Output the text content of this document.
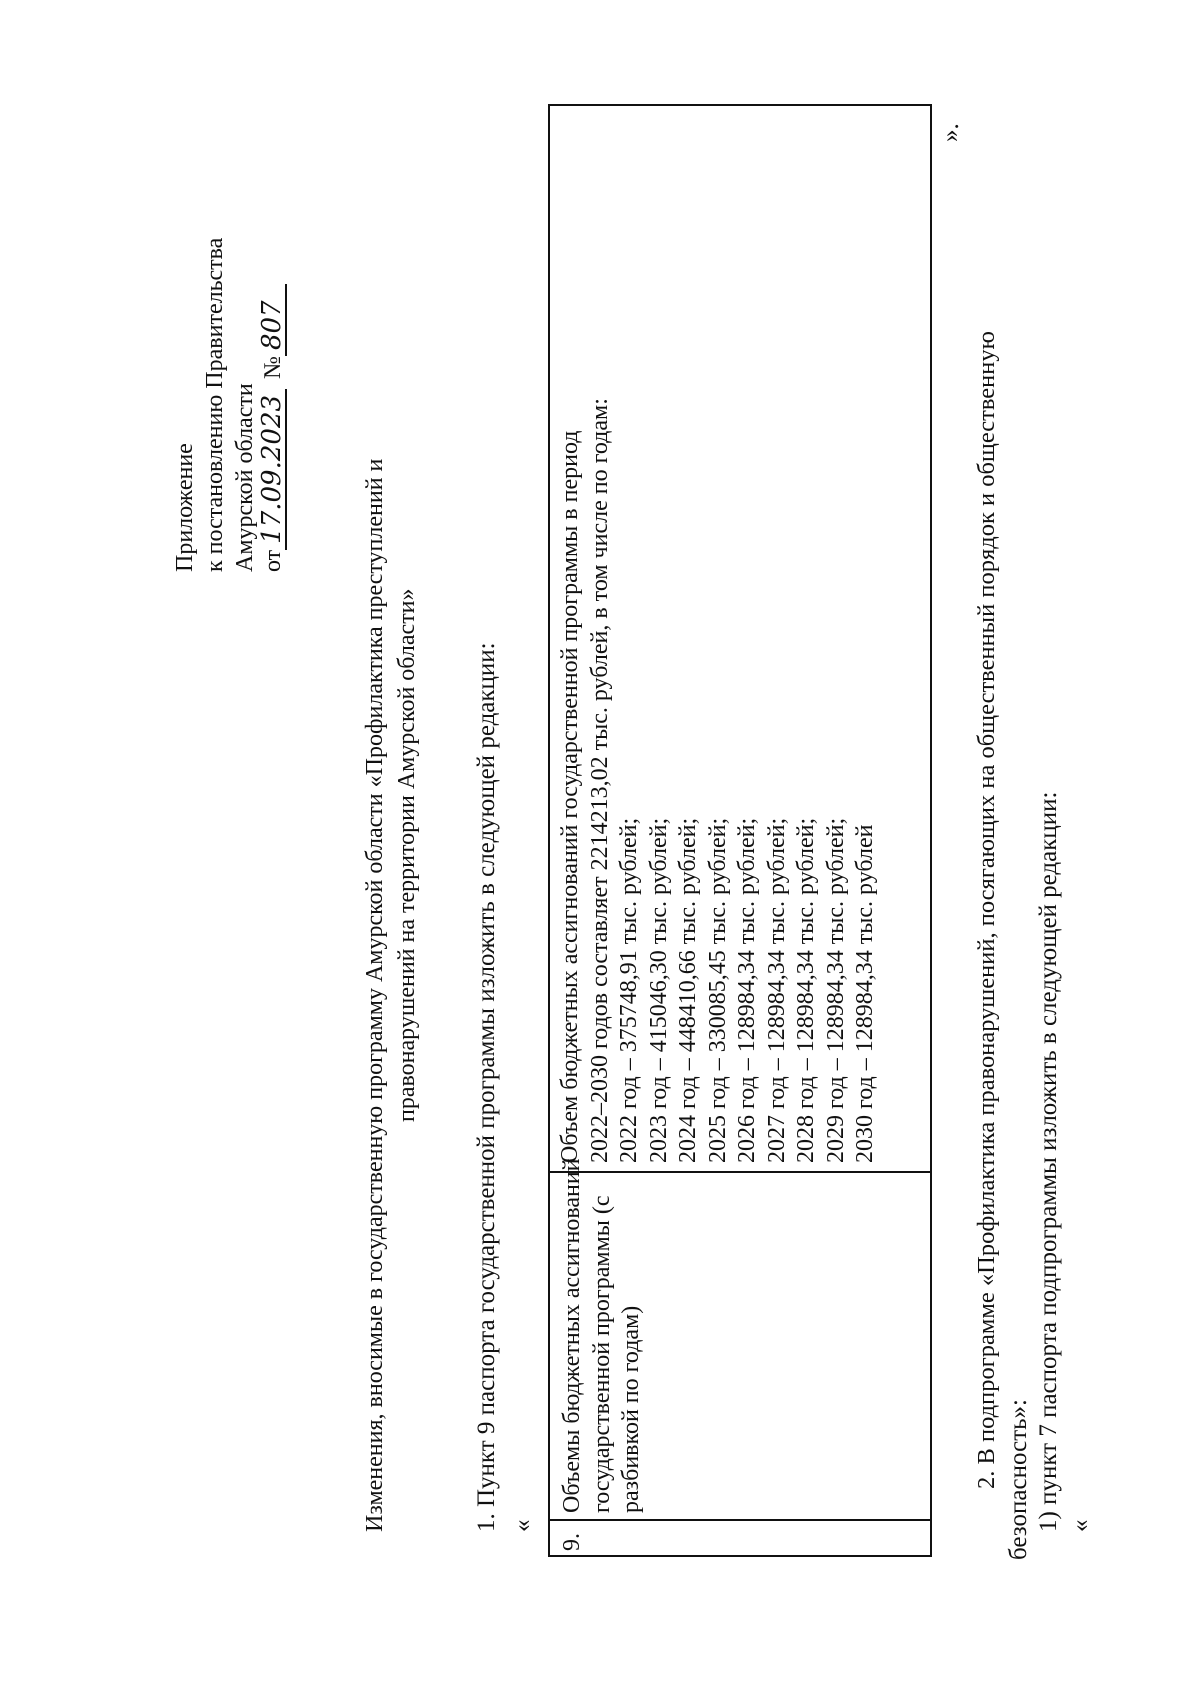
Приложение к постановлению Правительства Амурской области от17.09.2023 №807
Изменения, вносимые в государственную программу Амурской области «Профилактика преступлений и правонарушений на территории Амурской области» 1. Пункт 9 паспорта государственной программы изложить в следующей редакции: «
9.
Объемы бюджетных ассигнований государственной программы (с разбивкой по годам)
Объем бюджетных ассигнований государственной программы в период 2022–2030 годов составляет 2214213,02 тыс. рублей, в том числе по годам: 2022 год – 375748,91 тыс. рублей; 2023 год – 415046,30 тыс. рублей; 2024 год – 448410,66 тыс. рублей; 2025 год – 330085,45 тыс. рублей; 2026 год – 128984,34 тыс. рублей; 2027 год – 128984,34 тыс. рублей; 2028 год – 128984,34 тыс. рублей; 2029 год – 128984,34 тыс. рублей; 2030 год – 128984,34 тыс. рублей
».
2. В подпрограмме «Профилактика правонарушений, посягающих на общественный порядок и общественную безопасность»: 1) пункт 7 паспорта подпрограммы изложить в следующей редакции: «
